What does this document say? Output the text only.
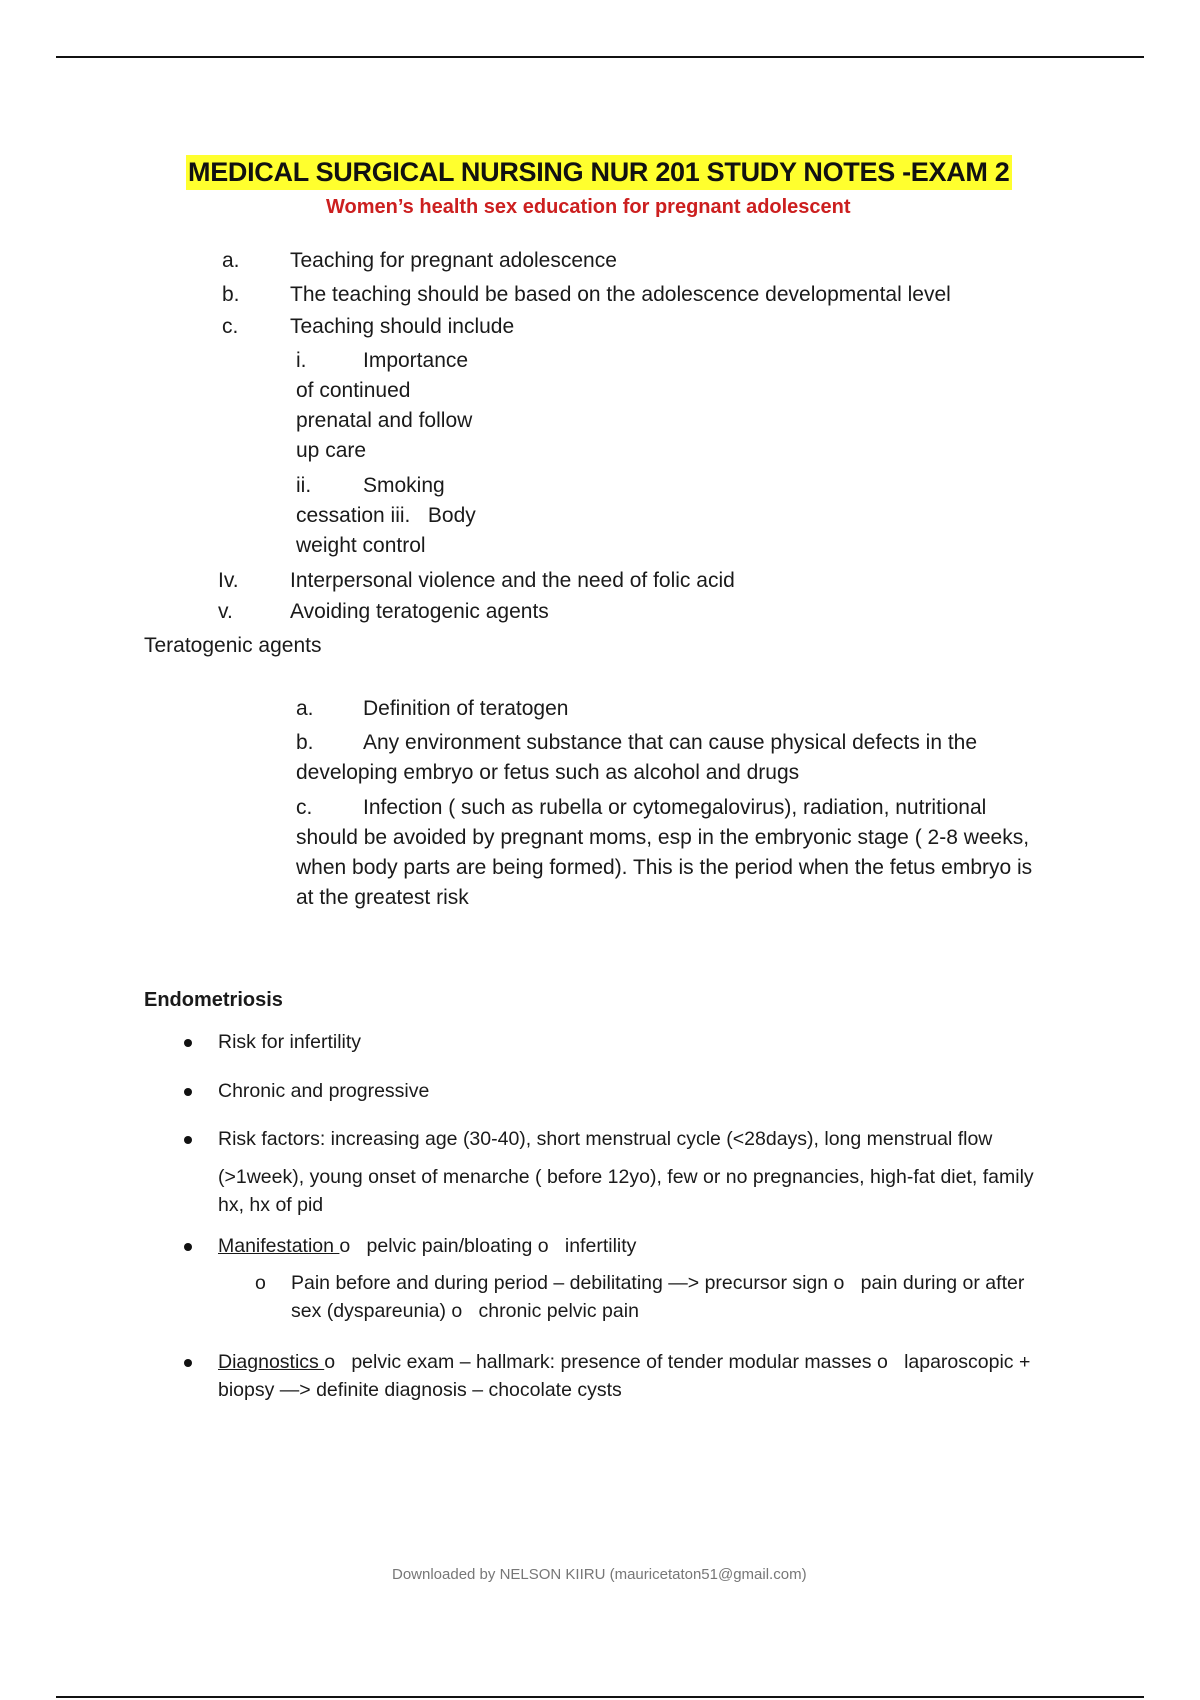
MEDICAL SURGICAL NURSING NUR 201 STUDY NOTES -EXAM 2
Women’s health sex education for pregnant adolescent
a. Teaching for pregnant adolescence
b. The teaching should be based on the adolescence developmental level
c. Teaching should include
i.	Importance
of continued
prenatal and follow
up care
ii. Smoking
cessation iii.   Body
weight control
Iv. Interpersonal violence and the need of folic acid
v.	Avoiding teratogenic agents
Teratogenic agents
a. Definition of teratogen
b. Any environment substance that can cause physical defects in the
developing embryo or fetus such as alcohol and drugs
c. Infection ( such as rubella or cytomegalovirus), radiation, nutritional
should be avoided by pregnant moms, esp in the embryonic stage ( 2-8 weeks,
when body parts are being formed). This is the period when the fetus embryo is
at the greatest risk
Endometriosis
Risk for infertility
Chronic and progressive
Risk factors: increasing age (30-40), short menstrual cycle (<28days), long menstrual flow
(>1week), young onset of menarche ( before 12yo), few or no pregnancies, high-fat diet, family
hx, hx of pid
Manifestation o   pelvic pain/bloating o   infertility
o Pain before and during period – debilitating —> precursor sign o   pain during or after
sex (dyspareunia) o   chronic pelvic pain
Diagnostics o   pelvic exam – hallmark: presence of tender modular masses o   laparoscopic +
biopsy —> definite diagnosis – chocolate cysts
Downloaded by NELSON KIIRU (mauricetaton51@gmail.com)
